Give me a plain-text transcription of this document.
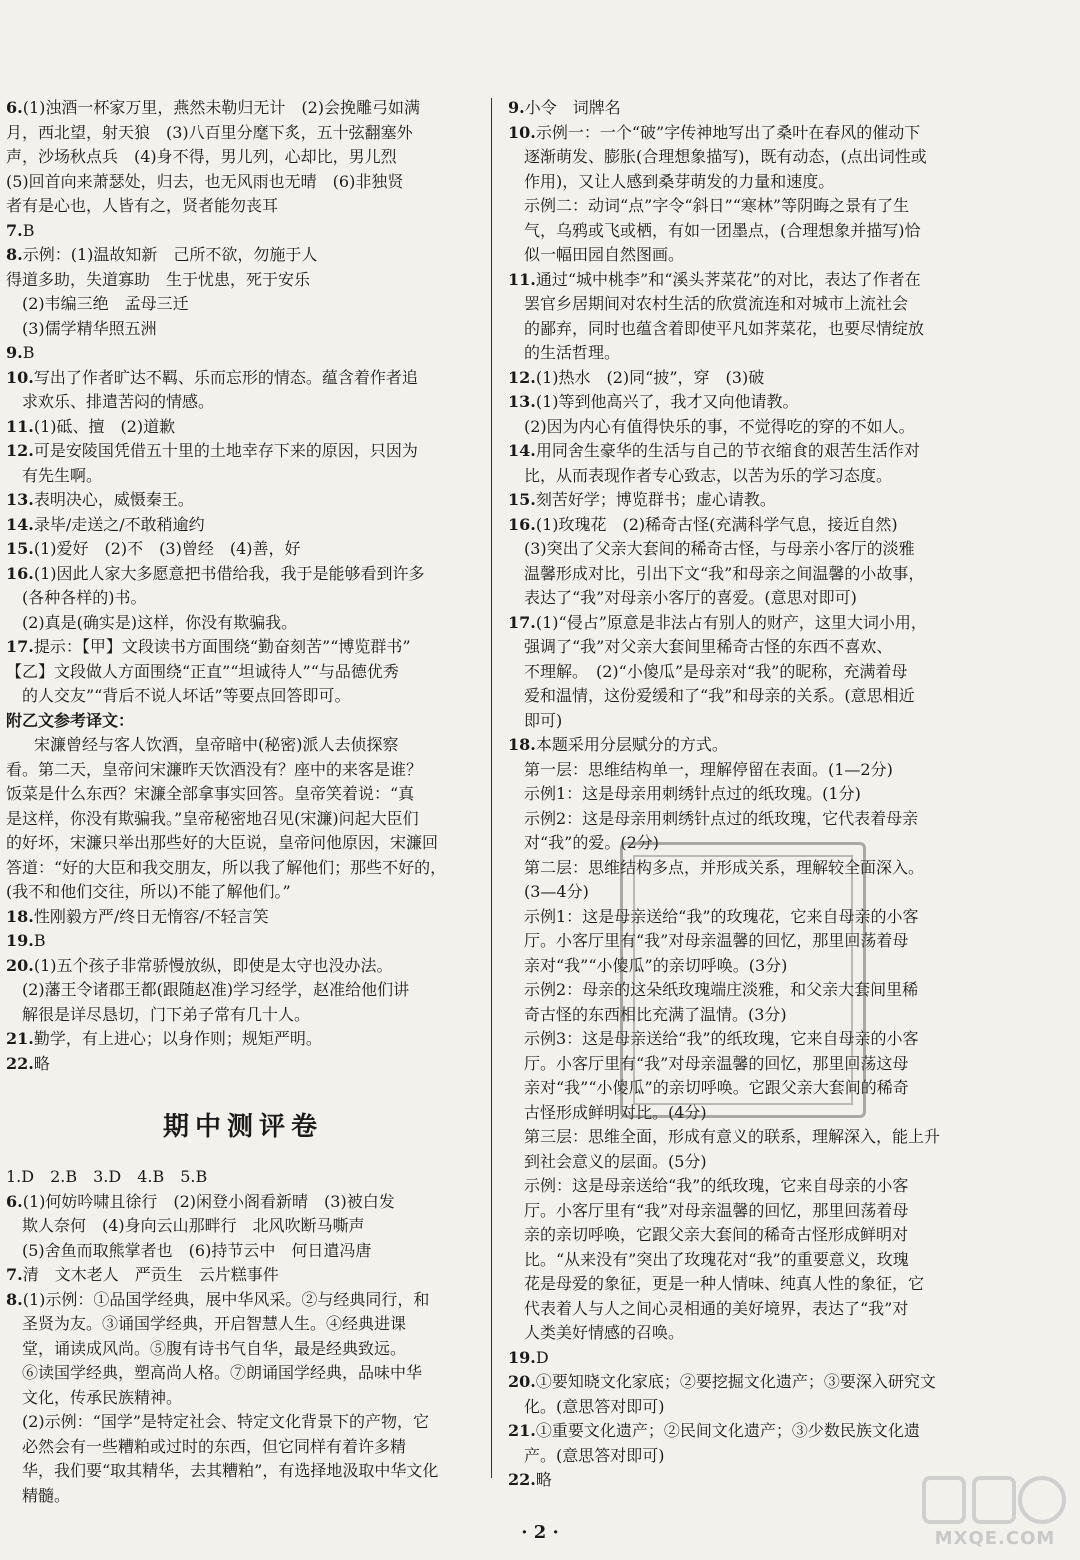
6.(1)浊酒一杯家万里，燕然未勒归无计　(2)会挽雕弓如满

月，西北望，射天狼　(3)八百里分麾下炙，五十弦翻塞外

声，沙场秋点兵　(4)身不得，男儿列，心却比，男儿烈

(5)回首向来萧瑟处，归去，也无风雨也无晴　(6)非独贤

者有是心也，人皆有之，贤者能勿丧耳

7.B

8.示例：(1)温故知新　己所不欲，勿施于人

得道多助，失道寡助　生于忧患，死于安乐

(2)韦编三绝　孟母三迁

(3)儒学精华照五洲

9.B

10.写出了作者旷达不羁、乐而忘形的情态。蕴含着作者追

求欢乐、排遣苦闷的情感。

11.(1)砥、擅　(2)道歉

12.可是安陵国凭借五十里的土地幸存下来的原因，只因为

有先生啊。

13.表明决心，威慑秦王。

14.录毕/走送之/不敢稍逾约

15.(1)爱好　(2)不　(3)曾经　(4)善，好

16.(1)因此人家大多愿意把书借给我，我于是能够看到许多

(各种各样的)书。

(2)真是(确实是)这样，你没有欺骗我。

17.提示：【甲】文段读书方面围绕“勤奋刻苦”“博览群书”

【乙】文段做人方面围绕“正直”“坦诚待人”“与品德优秀

的人交友”“背后不说人坏话”等要点回答即可。

附乙文参考译文：

宋濂曾经与客人饮酒，皇帝暗中(秘密)派人去侦探察

看。第二天，皇帝问宋濂昨天饮酒没有？座中的来客是谁？

饭菜是什么东西？宋濂全部拿事实回答。皇帝笑着说：“真

是这样，你没有欺骗我。”皇帝秘密地召见(宋濂)问起大臣们

的好坏，宋濂只举出那些好的大臣说，皇帝问他原因，宋濂回

答道：“好的大臣和我交朋友，所以我了解他们；那些不好的，

(我不和他们交往，所以)不能了解他们。”

18.性刚毅方严/终日无惰容/不轻言笑

19.B

20.(1)五个孩子非常骄慢放纵，即使是太守也没办法。

(2)藩王令诸郡王都(跟随赵准)学习经学，赵准给他们讲

解很是详尽恳切，门下弟子常有几十人。

21.勤学，有上进心；以身作则；规矩严明。

22.略

期中测评卷

1.D　2.B　3.D　4.B　5.B

6.(1)何妨吟啸且徐行　(2)闲登小阁看新晴　(3)被白发

欺人奈何　(4)身向云山那畔行　北风吹断马嘶声

(5)舍鱼而取熊掌者也　(6)持节云中　何日遣冯唐

7.清　文木老人　严贡生　云片糕事件

8.(1)示例：①品国学经典，展中华风采。②与经典同行，和

圣贤为友。③诵国学经典，开启智慧人生。④经典进课

堂，诵读成风尚。⑤腹有诗书气自华，最是经典致远。

⑥读国学经典，塑高尚人格。⑦朗诵国学经典，品味中华

文化，传承民族精神。

(2)示例：“国学”是特定社会、特定文化背景下的产物，它

必然会有一些糟粕或过时的东西，但它同样有着许多精

华，我们要“取其精华，去其糟粕”，有选择地汲取中华文化

精髓。

9.小令　词牌名

10.示例一：一个“破”字传神地写出了桑叶在春风的催动下

逐渐萌发、膨胀(合理想象描写)，既有动态，(点出词性或

作用)，又让人感到桑芽萌发的力量和速度。

示例二：动词“点”字令“斜日”“寒林”等阴晦之景有了生

气，乌鸦或飞或栖，有如一团墨点，(合理想象并描写)恰

似一幅田园自然图画。

11.通过“城中桃李”和“溪头荠菜花”的对比，表达了作者在

罢官乡居期间对农村生活的欣赏流连和对城市上流社会

的鄙弃，同时也蕴含着即使平凡如荠菜花，也要尽情绽放

的生活哲理。

12.(1)热水　(2)同“披”，穿　(3)破

13.(1)等到他高兴了，我才又向他请教。

(2)因为内心有值得快乐的事，不觉得吃的穿的不如人。

14.用同舍生豪华的生活与自己的节衣缩食的艰苦生活作对

比，从而表现作者专心致志，以苦为乐的学习态度。

15.刻苦好学；博览群书；虚心请教。

16.(1)玫瑰花　(2)稀奇古怪(充满科学气息，接近自然)

(3)突出了父亲大套间的稀奇古怪，与母亲小客厅的淡雅

温馨形成对比，引出下文“我”和母亲之间温馨的小故事，

表达了“我”对母亲小客厅的喜爱。(意思对即可)

17.(1)“侵占”原意是非法占有别人的财产，这里大词小用，

强调了“我”对父亲大套间里稀奇古怪的东西不喜欢、

不理解。　(2)“小傻瓜”是母亲对“我”的昵称，充满着母

爱和温情，这份爱缓和了“我”和母亲的关系。(意思相近

即可)

18.本题采用分层赋分的方式。

第一层：思维结构单一，理解停留在表面。(1—2分)

示例1：这是母亲用刺绣针点过的纸玫瑰。(1分)

示例2：这是母亲用刺绣针点过的纸玫瑰，它代表着母亲

对“我”的爱。(2分)

第二层：思维结构多点，并形成关系，理解较全面深入。

(3—4分)

示例1：这是母亲送给“我”的玫瑰花，它来自母亲的小客

厅。小客厅里有“我”对母亲温馨的回忆，那里回荡着母

亲对“我”“小傻瓜”的亲切呼唤。(3分)

示例2：母亲的这朵纸玫瑰端庄淡雅，和父亲大套间里稀

奇古怪的东西相比充满了温情。(3分)

示例3：这是母亲送给“我”的纸玫瑰，它来自母亲的小客

厅。小客厅里有“我”对母亲温馨的回忆，那里回荡这母

亲对“我”“小傻瓜”的亲切呼唤。它跟父亲大套间的稀奇

古怪形成鲜明对比。(4分)

第三层：思维全面，形成有意义的联系，理解深入，能上升

到社会意义的层面。(5分)

示例：这是母亲送给“我”的纸玫瑰，它来自母亲的小客

厅。小客厅里有“我”对母亲温馨的回忆，那里回荡着母

亲的亲切呼唤，它跟父亲大套间的稀奇古怪形成鲜明对

比。“从来没有”突出了玫瑰花对“我”的重要意义，玫瑰

花是母爱的象征，更是一种人情味、纯真人性的象征，它

代表着人与人之间心灵相通的美好境界，表达了“我”对

人类美好情感的召唤。

19.D

20.①要知晓文化家底；②要挖掘文化遗产；③要深入研究文

化。(意思答对即可)

21.①重要文化遗产；②民间文化遗产；③少数民族文化遗

产。(意思答对即可)

22.略

· 2 ·	MXQE.COM
